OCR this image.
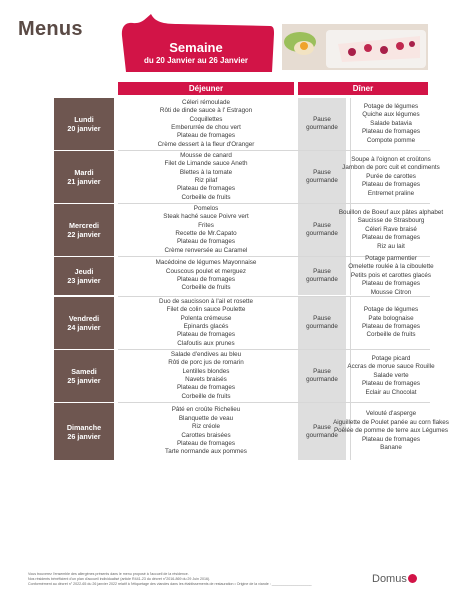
Menus
Semaine
du 20 Janvier au 26 Janvier
Déjeuner	Dîner
Lundi
20 janvier
Céleri rémoulade
Rôti de dinde sauce à l' Estragon
Coquillettes
Emberurrée de chou vert
Plateau de fromages
Crème dessert à la fleur d'Oranger
Pause
gourmande
Potage de légumes
Quiche aux légumes
Salade batavia
Plateau de fromages
Compote pomme
Mardi
21 janvier
Mousse de canard
Filet de Limande sauce Aneth
Blettes à la tomate
Riz pilaf
Plateau de fromages
Corbeille de fruits
Pause
gourmande
Soupe à l'oignon et croûtons
Jambon de porc cuit et condiments
Purée de carottes
Plateau de fromages
Entremet praline
Mercredi
22 janvier
Pomelos
Steak haché sauce Poivre vert
Frites
Recette de Mr.Capato
Plateau de fromages
Crème renversée au Caramel
Pause
gourmande
Bouillon de Boeuf aux pâtes alphabet
Saucisse de Strasbourg
Céleri Rave braisé
Plateau de fromages
Riz au lait
Jeudi
23 janvier
Macédoine de légumes Mayonnaise
Couscous poulet et merguez
Plateau de fromages
Corbeille de fruits
Pause
gourmande
Potage parmentier
Omelette roulée à la ciboulette
Petits pois et carottes glacés
Plateau de fromages
Mousse Citron
Vendredi
24 janvier
Duo de saucisson à l'ail et rosette
Filet de colin sauce Poulette
Polenta crémeuse
Epinards glacés
Plateau de fromages
Clafoutis aux prunes
Pause
gourmande
Potage de légumes
Pate bolognaise
Plateau de fromages
Corbeille de fruits
Samedi
25 janvier
Salade d'endives au bleu
Rôti de porc jus de romarin
Lentilles blondes
Navets braisés
Plateau de fromages
Corbeille de fruits
Pause
gourmande
Potage picard
Accras de morue sauce Rouille
Salade verte
Plateau de fromages
Eclair au Chocolat
Dimanche
26 janvier
Pâté en croûte Richelieu
Blanquette de veau
Riz créole
Carottes braisées
Plateau de fromages
Tarte normande aux pommes
Pause
gourmande
Velouté d'asperge
Aiguillette de Poulet panée au corn flakes
Poêlée de pomme de terre aux Légumes
Plateau de fromages
Banane
Vous trouverez l'ensemble des allergènes présents dans le menu proposé à l'accueil de la résidence.
Nos résidents bénéficient d'un plan d'accueil individualisé (article R441-23 du décret n°2016-869 du 29 Juin 2016).
Conformément au décret n° 2022-65 du 26 janvier 2022 relatif à l'étiquetage des viandes dans les établissements de restauration • Origine de la viande : ____________________	Domus
